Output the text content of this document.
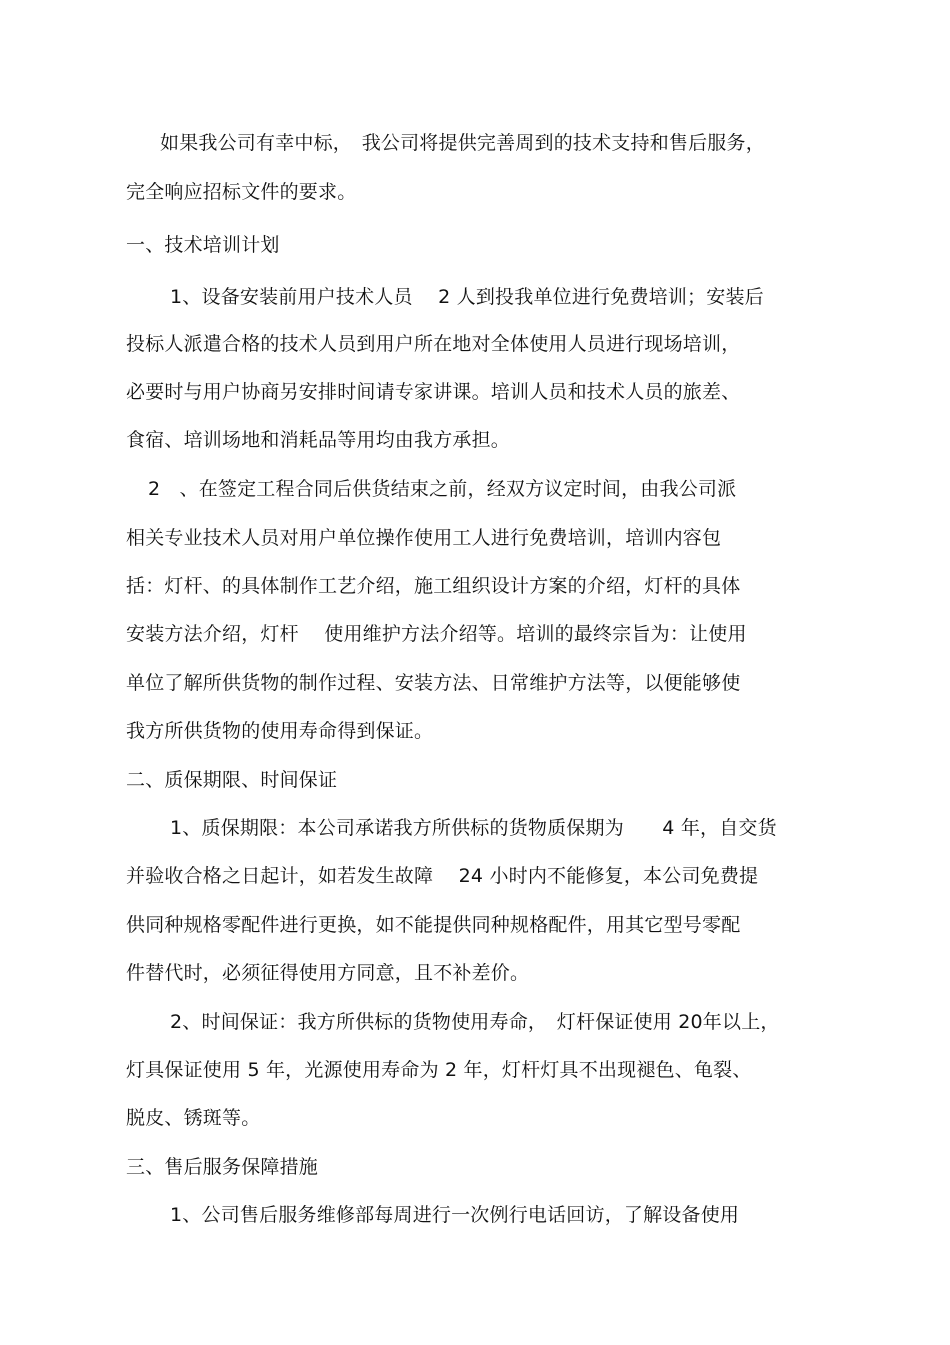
如果我公司有幸中标，　我公司将提供完善周到的技术支持和售后服务，
完全响应招标文件的要求。
一、技术培训计划
1、设备安装前用户技术人员　 2 人到投我单位进行免费培训；安装后
投标人派遣合格的技术人员到用户所在地对全体使用人员进行现场培训，
必要时与用户协商另安排时间请专家讲课。培训人员和技术人员的旅差、
食宿、培训场地和消耗品等用均由我方承担。
2　、在签定工程合同后供货结束之前，经双方议定时间，由我公司派
相关专业技术人员对用户单位操作使用工人进行免费培训，培训内容包
括：灯杆、的具体制作工艺介绍，施工组织设计方案的介绍，灯杆的具体
安装方法介绍，灯杆　 使用维护方法介绍等。培训的最终宗旨为：让使用
单位了解所供货物的制作过程、安装方法、日常维护方法等，以便能够使
我方所供货物的使用寿命得到保证。
二、质保期限、时间保证
1、质保期限：本公司承诺我方所供标的货物质保期为　　4 年，自交货
并验收合格之日起计，如若发生故障　 24 小时内不能修复，本公司免费提
供同种规格零配件进行更换，如不能提供同种规格配件，用其它型号零配
件替代时，必须征得使用方同意，且不补差价。
2、时间保证：我方所供标的货物使用寿命，　灯杆保证使用 20年以上，
灯具保证使用 5 年，光源使用寿命为 2 年，灯杆灯具不出现褪色、龟裂、
脱皮、锈斑等。
三、售后服务保障措施
1、公司售后服务维修部每周进行一次例行电话回访，了解设备使用
